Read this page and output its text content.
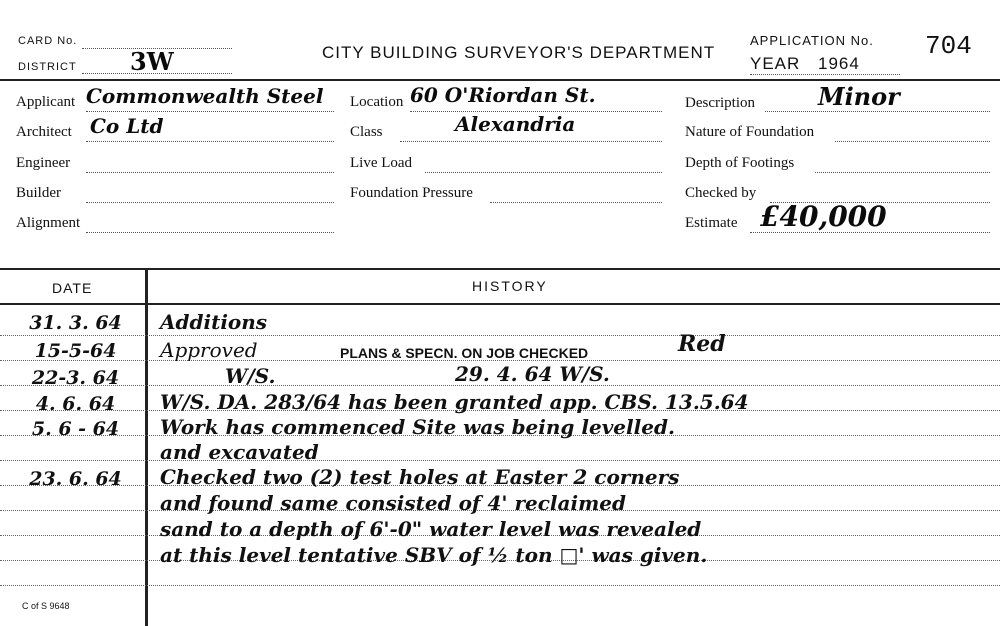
CARD No.
DISTRICT 3W	CITY BUILDING SURVEYOR'S DEPARTMENT
APPLICATION No. 704
YEAR 1964
Applicant Commonwealth Steel
Architect Co Ltd
Engineer
Builder
Alignment
Location 60 O'Riordan St.
Class	Alexandria
Live Load
Foundation Pressure
Description	Minor
Nature of Foundation
Depth of Footings
Checked by
Estimate £40,000
DATE	HISTORY
31. 3. 64	Additions
15-5-64	Approved	PLANS & SPECN. ON JOB CHECKED	Red
22-3. 64	W/S.	29. 4. 64 W/S.
4. 6. 64	W/S. DA. 283/64 has been granted app. CBS. 13.5.64
5. 6 - 64	Work has commenced Site was being levelled.
and excavated
23. 6. 64	Checked two (2) test holes at Easter 2 corners
and found same consisted of 4' reclaimed
sand to a depth of 6'-0" water level was revealed
at this level tentative SBV of ½ ton □' was given.
C of S 9648
